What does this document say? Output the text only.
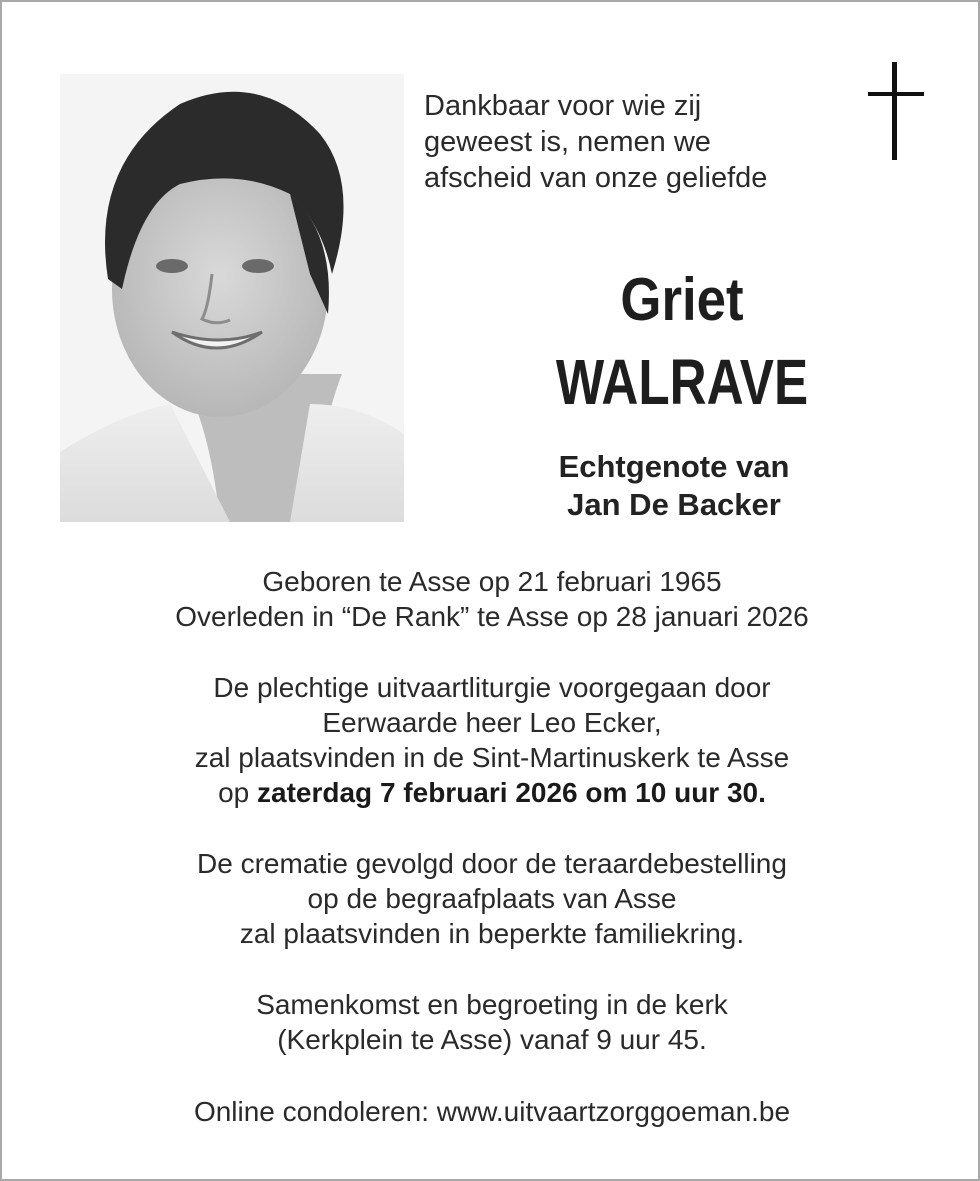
Dankbaar voor wie zij
geweest is, nemen we
afscheid van onze geliefde
Griet
WALRAVE
Echtgenote van
Jan De Backer
Geboren te Asse op 21 februari 1965
Overleden in “De Rank” te Asse op 28 januari 2026
De plechtige uitvaartliturgie voorgegaan door
Eerwaarde heer Leo Ecker,
zal plaatsvinden in de Sint-Martinuskerk te Asse
op zaterdag 7 februari 2026 om 10 uur 30.
De crematie gevolgd door de teraardebestelling
op de begraafplaats van Asse
zal plaatsvinden in beperkte familiekring.
Samenkomst en begroeting in de kerk
(Kerkplein te Asse) vanaf 9 uur 45.
Online condoleren: www.uitvaartzorggoeman.be
